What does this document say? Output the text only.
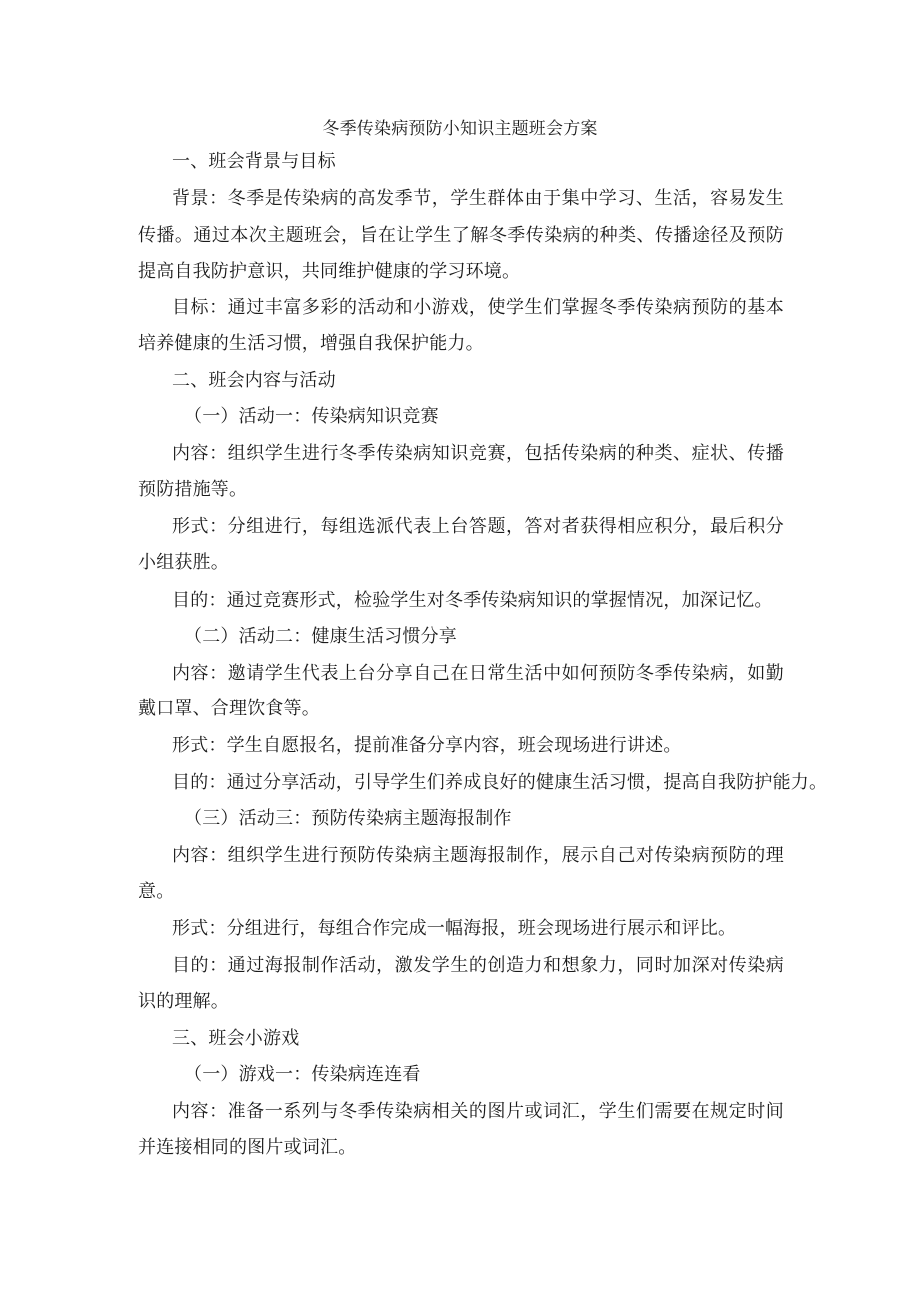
冬季传染病预防小知识主题班会方案
一、班会背景与目标
背景：冬季是传染病的高发季节，学生群体由于集中学习、生活，容易发生
传播。通过本次主题班会，旨在让学生了解冬季传染病的种类、传播途径及预防
提高自我防护意识，共同维护健康的学习环境。
目标：通过丰富多彩的活动和小游戏，使学生们掌握冬季传染病预防的基本
培养健康的生活习惯，增强自我保护能力。
二、班会内容与活动
（一）活动一：传染病知识竞赛
内容：组织学生进行冬季传染病知识竞赛，包括传染病的种类、症状、传播
预防措施等。
形式：分组进行，每组选派代表上台答题，答对者获得相应积分，最后积分
小组获胜。
目的：通过竞赛形式，检验学生对冬季传染病知识的掌握情况，加深记忆。
（二）活动二：健康生活习惯分享
内容：邀请学生代表上台分享自己在日常生活中如何预防冬季传染病，如勤
戴口罩、合理饮食等。
形式：学生自愿报名，提前准备分享内容，班会现场进行讲述。
目的：通过分享活动，引导学生们养成良好的健康生活习惯，提高自我防护能力。
（三）活动三：预防传染病主题海报制作
内容：组织学生进行预防传染病主题海报制作，展示自己对传染病预防的理
意。
形式：分组进行，每组合作完成一幅海报，班会现场进行展示和评比。
目的：通过海报制作活动，激发学生的创造力和想象力，同时加深对传染病
识的理解。
三、班会小游戏
（一）游戏一：传染病连连看
内容：准备一系列与冬季传染病相关的图片或词汇，学生们需要在规定时间
并连接相同的图片或词汇。
